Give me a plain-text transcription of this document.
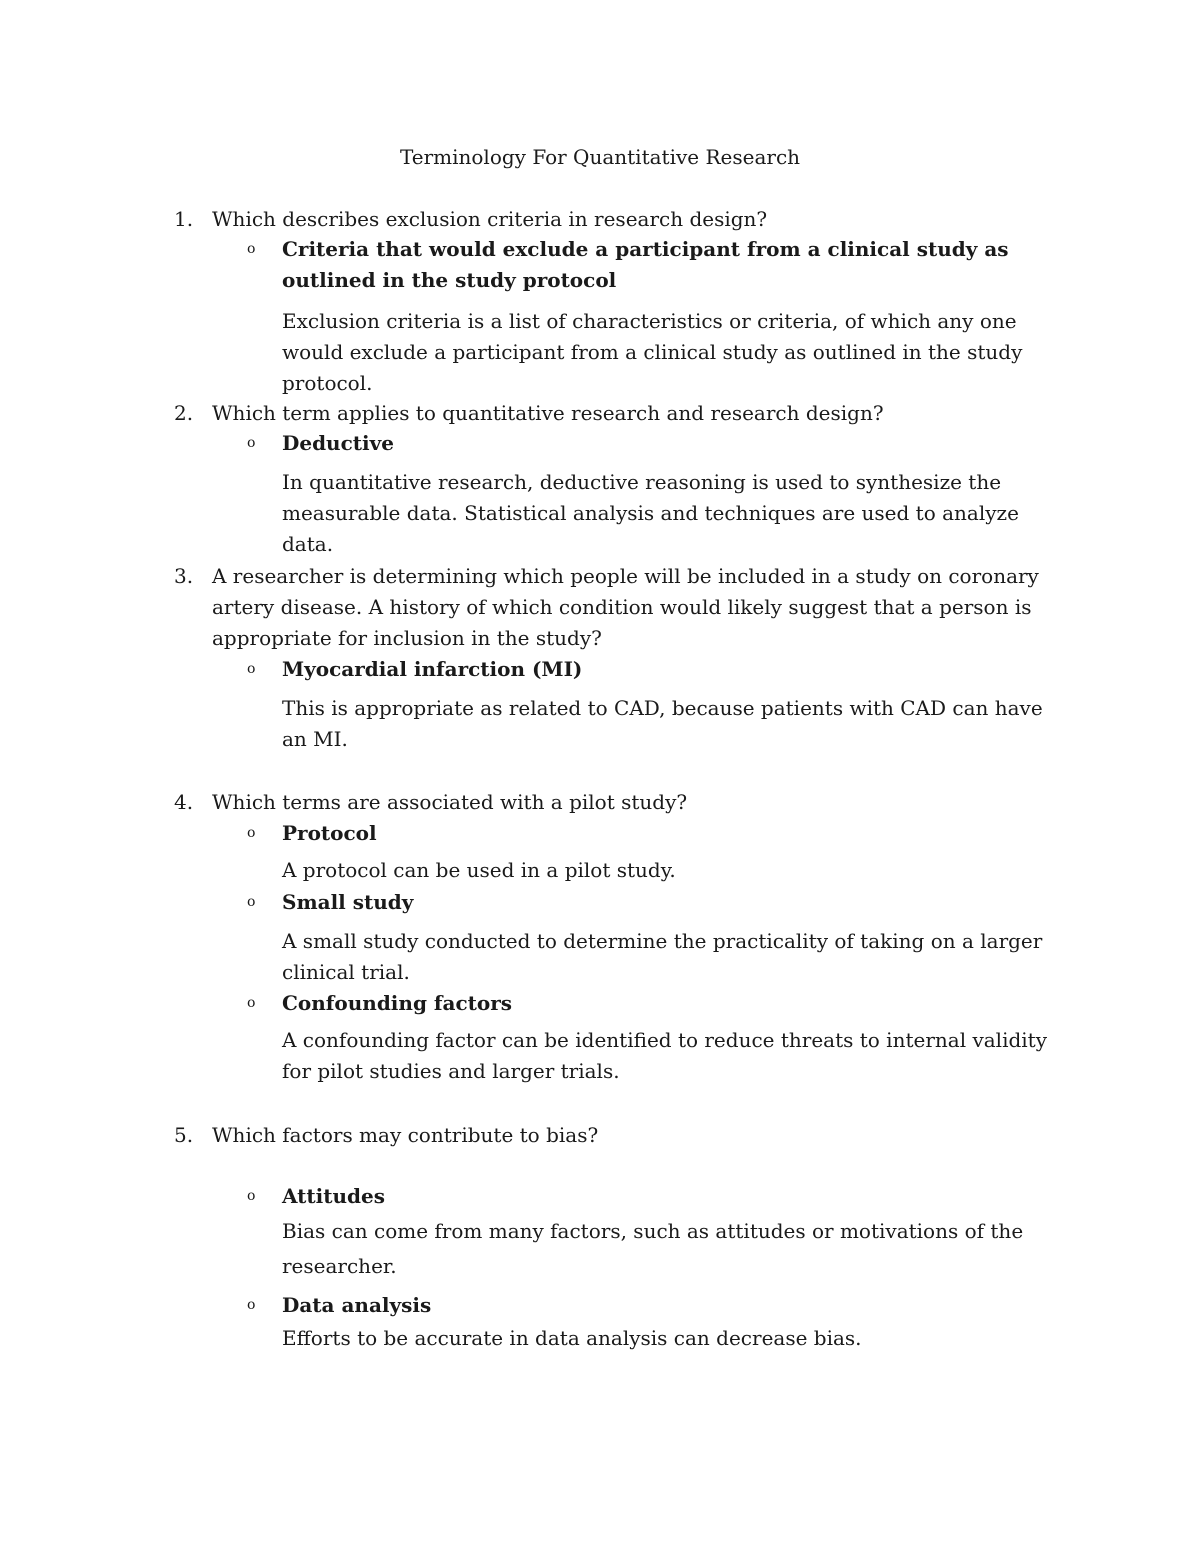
Terminology For Quantitative Research
1. Which describes exclusion criteria in research design?
o Criteria that would exclude a participant from a clinical study as outlined in the study protocol
Exclusion criteria is a list of characteristics or criteria, of which any one would exclude a participant from a clinical study as outlined in the study protocol.
2. Which term applies to quantitative research and research design?
o Deductive
In quantitative research, deductive reasoning is used to synthesize the measurable data. Statistical analysis and techniques are used to analyze data.
3. A researcher is determining which people will be included in a study on coronary artery disease. A history of which condition would likely suggest that a person is appropriate for inclusion in the study?
o Myocardial infarction (MI)
This is appropriate as related to CAD, because patients with CAD can have an MI.
4. Which terms are associated with a pilot study?
o Protocol
A protocol can be used in a pilot study.
o Small study
A small study conducted to determine the practicality of taking on a larger clinical trial.
o Confounding factors
A confounding factor can be identified to reduce threats to internal validity for pilot studies and larger trials.
5. Which factors may contribute to bias?
o Attitudes
Bias can come from many factors, such as attitudes or motivations of the researcher.
o Data analysis
Efforts to be accurate in data analysis can decrease bias.
